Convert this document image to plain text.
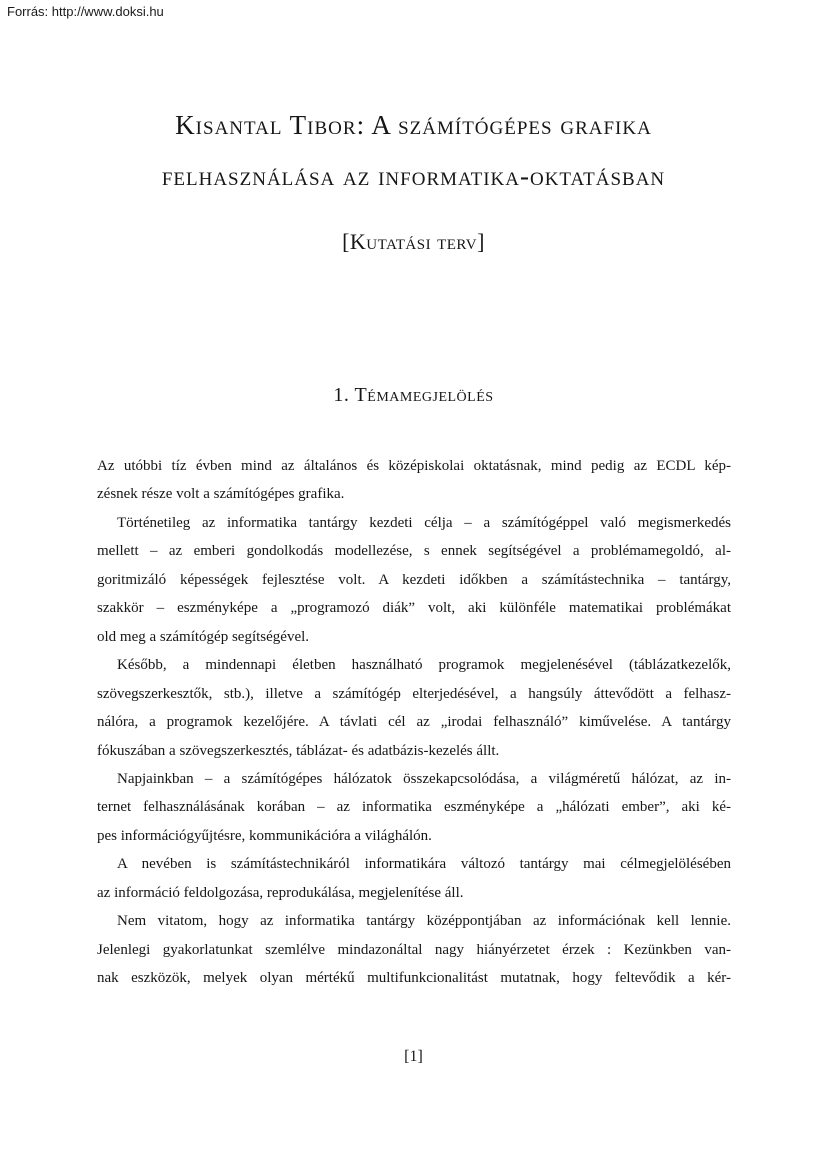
Forrás: http://www.doksi.hu
Kisantal Tibor: A számítógépes grafika
felhasználása az informatika-oktatásban
[Kutatási terv]
1. Témamegjelölés
Az utóbbi tíz évben mind az általános és középiskolai oktatásnak, mind pedig az ECDL kép-
zésnek része volt a számítógépes grafika.
Történetileg az informatika tantárgy kezdeti célja – a számítógéppel való megismerkedés
mellett – az emberi gondolkodás modellezése, s ennek segítségével a problémamegoldó, al-
goritmizáló képességek fejlesztése volt. A kezdeti időkben a számítástechnika – tantárgy,
szakkör – eszményképe a „programozó diák” volt, aki különféle matematikai problémákat
old meg a számítógép segítségével.
Később, a mindennapi életben használható programok megjelenésével (táblázatkezelők,
szövegszerkesztők, stb.), illetve a számítógép elterjedésével, a hangsúly áttevődött a felhasz-
nálóra, a programok kezelőjére. A távlati cél az „irodai felhasználó” kiművelése. A tantárgy
fókuszában a szövegszerkesztés, táblázat- és adatbázis-kezelés állt.
Napjainkban – a számítógépes hálózatok összekapcsolódása, a világméretű hálózat, az in-
ternet felhasználásának korában – az informatika eszményképe a „hálózati ember”, aki ké-
pes információgyűjtésre, kommunikációra a világhálón.
A nevében is számítástechnikáról informatikára változó tantárgy mai célmegjelölésében
az információ feldolgozása, reprodukálása, megjelenítése áll.
Nem vitatom, hogy az informatika tantárgy középpontjában az információnak kell lennie.
Jelenlegi gyakorlatunkat szemlélve mindazonáltal nagy hiányérzetet érzek : Kezünkben van-
nak eszközök, melyek olyan mértékű multifunkcionalitást mutatnak, hogy feltevődik a kér-
[1]
